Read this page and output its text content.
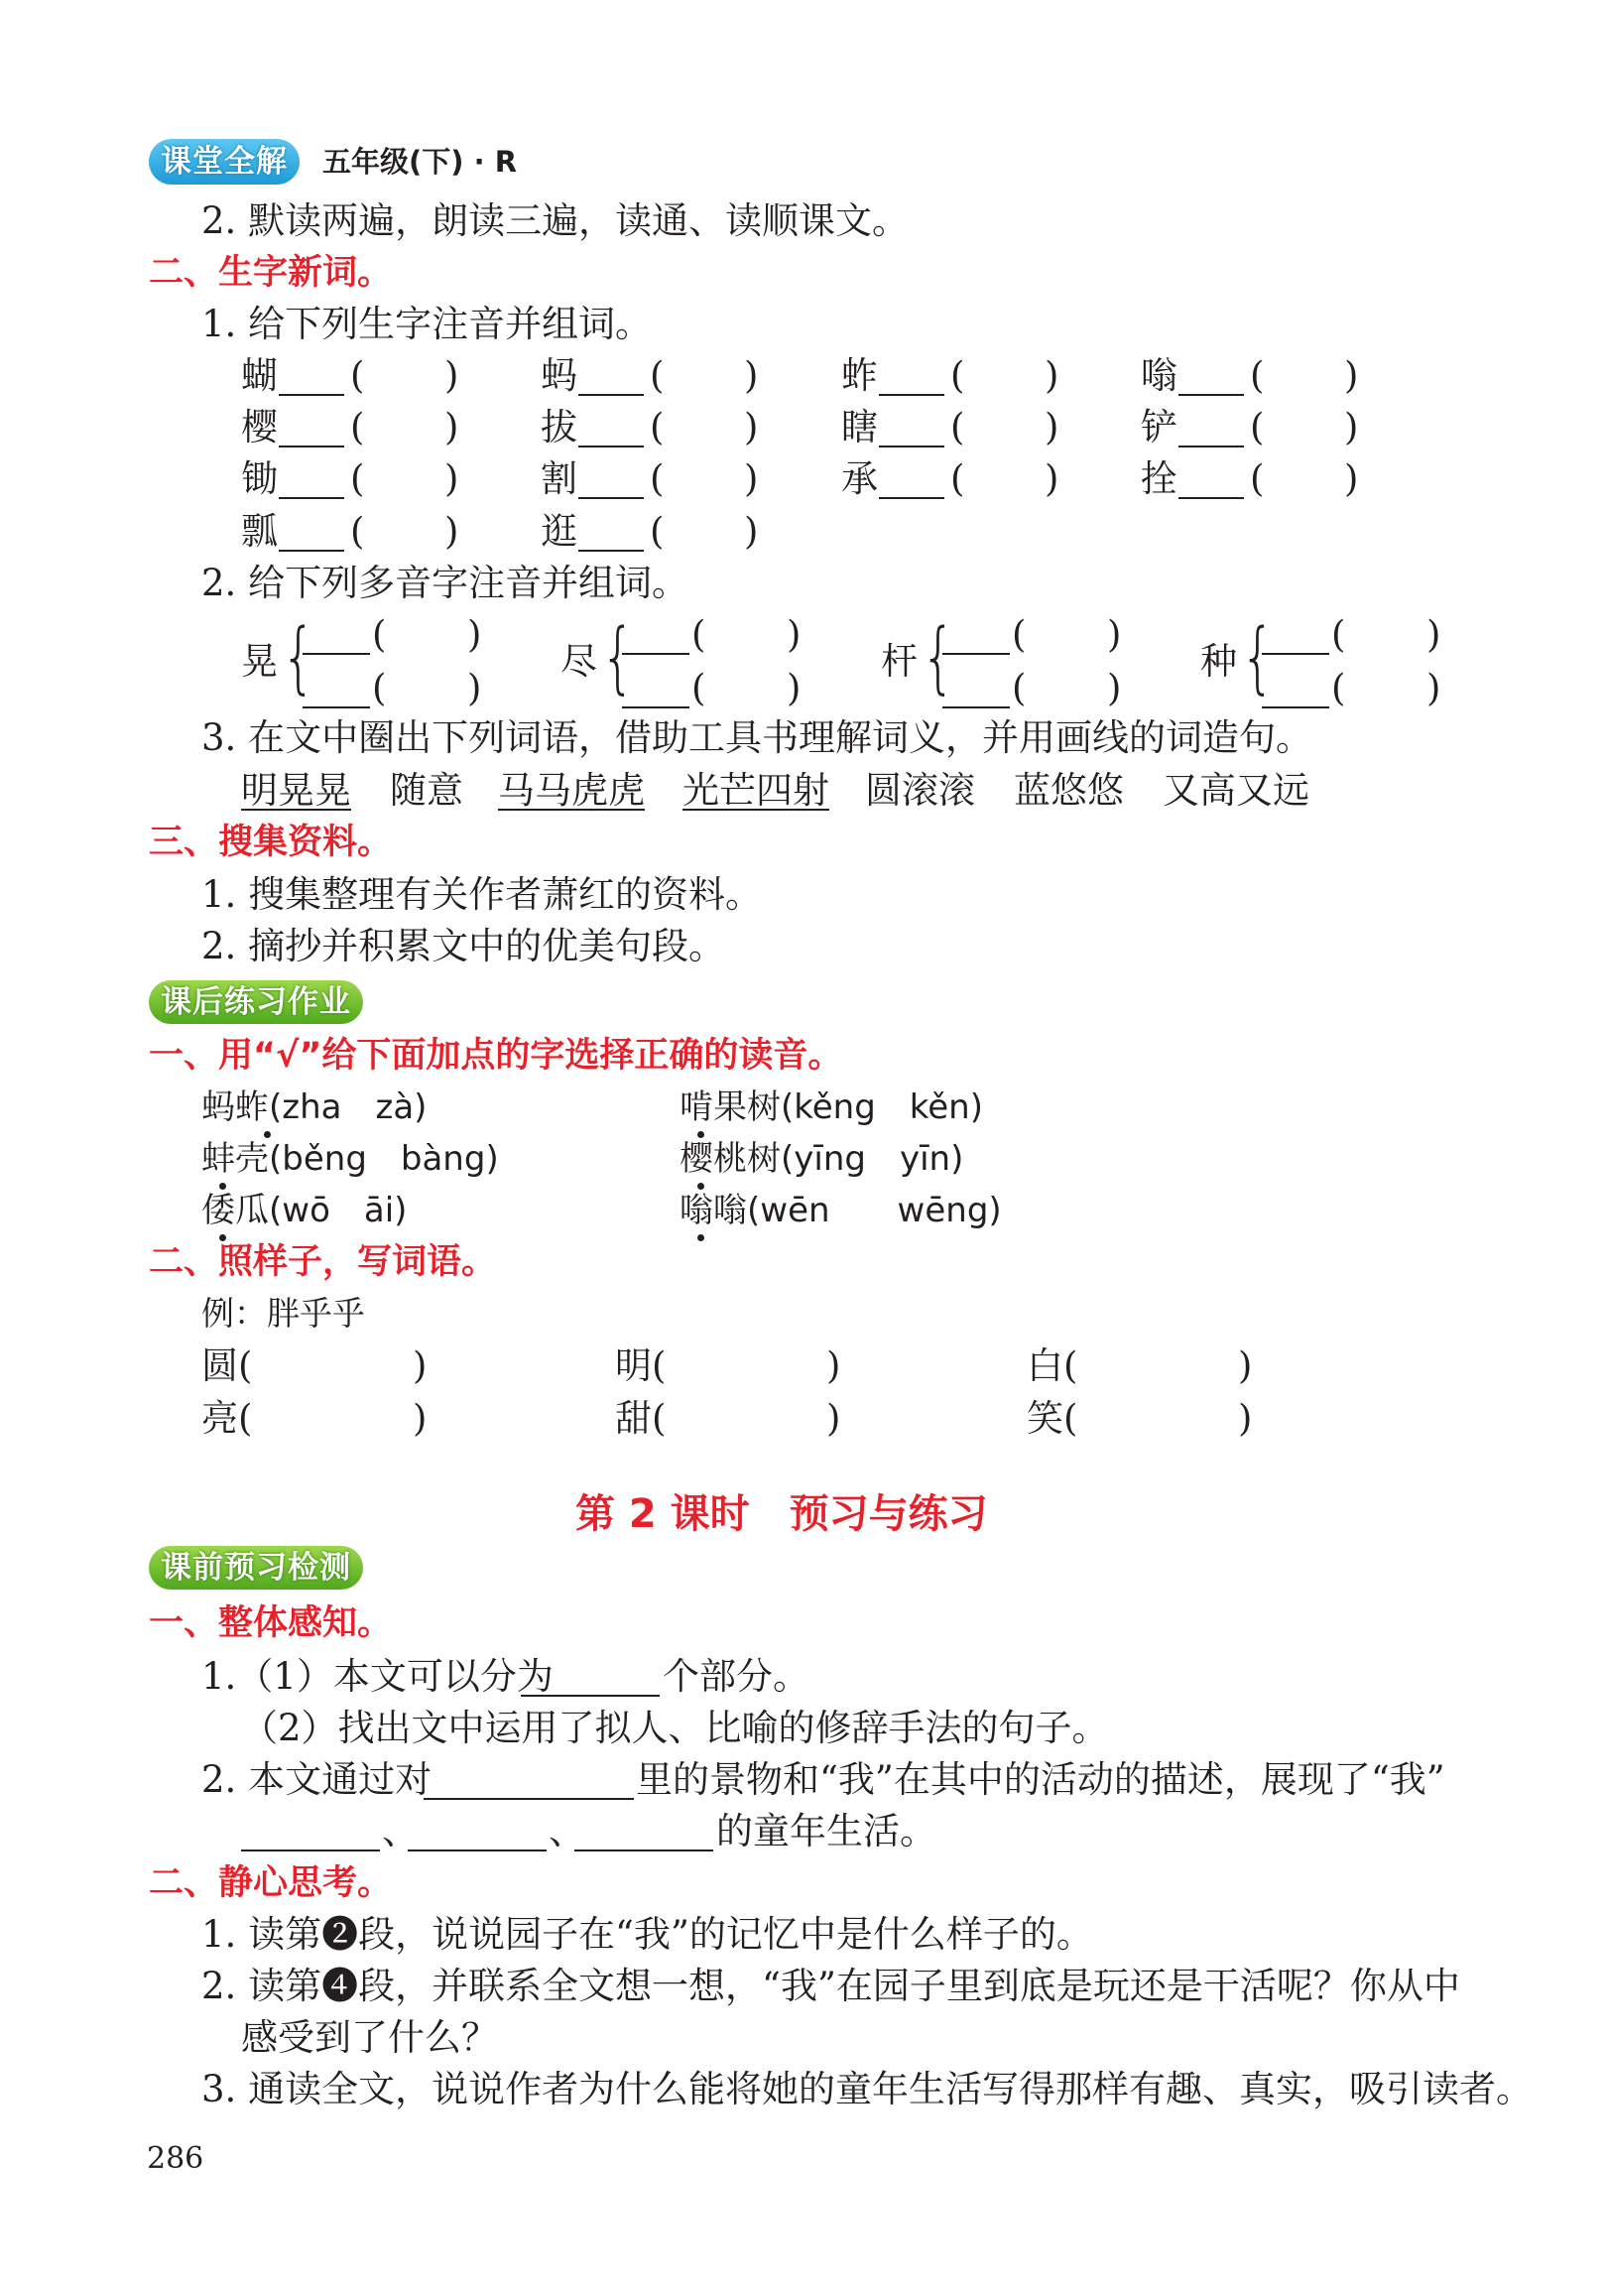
课堂全解	五年级(下) · R
2. 默读两遍，朗读三遍，读通、读顺课文。
二、生字新词。
1. 给下列生字注音并组词。
蝴 ( ) 蚂 ( ) 蚱 ( ) 嗡 ( )
樱 ( ) 拔 ( ) 瞎 ( ) 铲 ( )
锄 ( ) 割 ( ) 承 ( ) 拴 ( )
瓢 ( ) 逛 ( )
2. 给下列多音字注音并组词。
晃 { ( )
( )
尽 { ( )
( )
杆 { ( )
( )
种 { ( )
( )
3. 在文中圈出下列词语，借助工具书理解词义，并用画线的词造句。
明晃晃 随意 马马虎虎 光芒四射 圆滚滚 蓝悠悠 又高又远
三、搜集资料。
1. 搜集整理有关作者萧红的资料。
2. 摘抄并积累文中的优美句段。
课后练习作业
一、用“√”给下面加点的字选择正确的读音。
蚂蚱(zha　zà)
蚌壳(běng　bàng)
倭瓜(wō　āi)
啃果树(kěng　kěn)
樱桃树(yīng　yīn)
嗡嗡(wēn　　wēng)
二、照样子，写词语。
例：胖乎乎
圆(	)	明(	)	白(	)
亮(	)	甜(	)	笑(	)
第 2 课时　预习与练习
课前预习检测
一、整体感知。
1.（1）本文可以分为	个部分。
（2）找出文中运用了拟人、比喻的修辞手法的句子。
2. 本文通过对	里的景物和“我”在其中的活动的描述，展现了“我”
、	、	的童年生活。
二、静心思考。
1. 读第❷段，说说园子在“我”的记忆中是什么样子的。
2. 读第❹段，并联系全文想一想，“我”在园子里到底是玩还是干活呢？你从中
感受到了什么？
3. 通读全文，说说作者为什么能将她的童年生活写得那样有趣、真实，吸引读者。
286
